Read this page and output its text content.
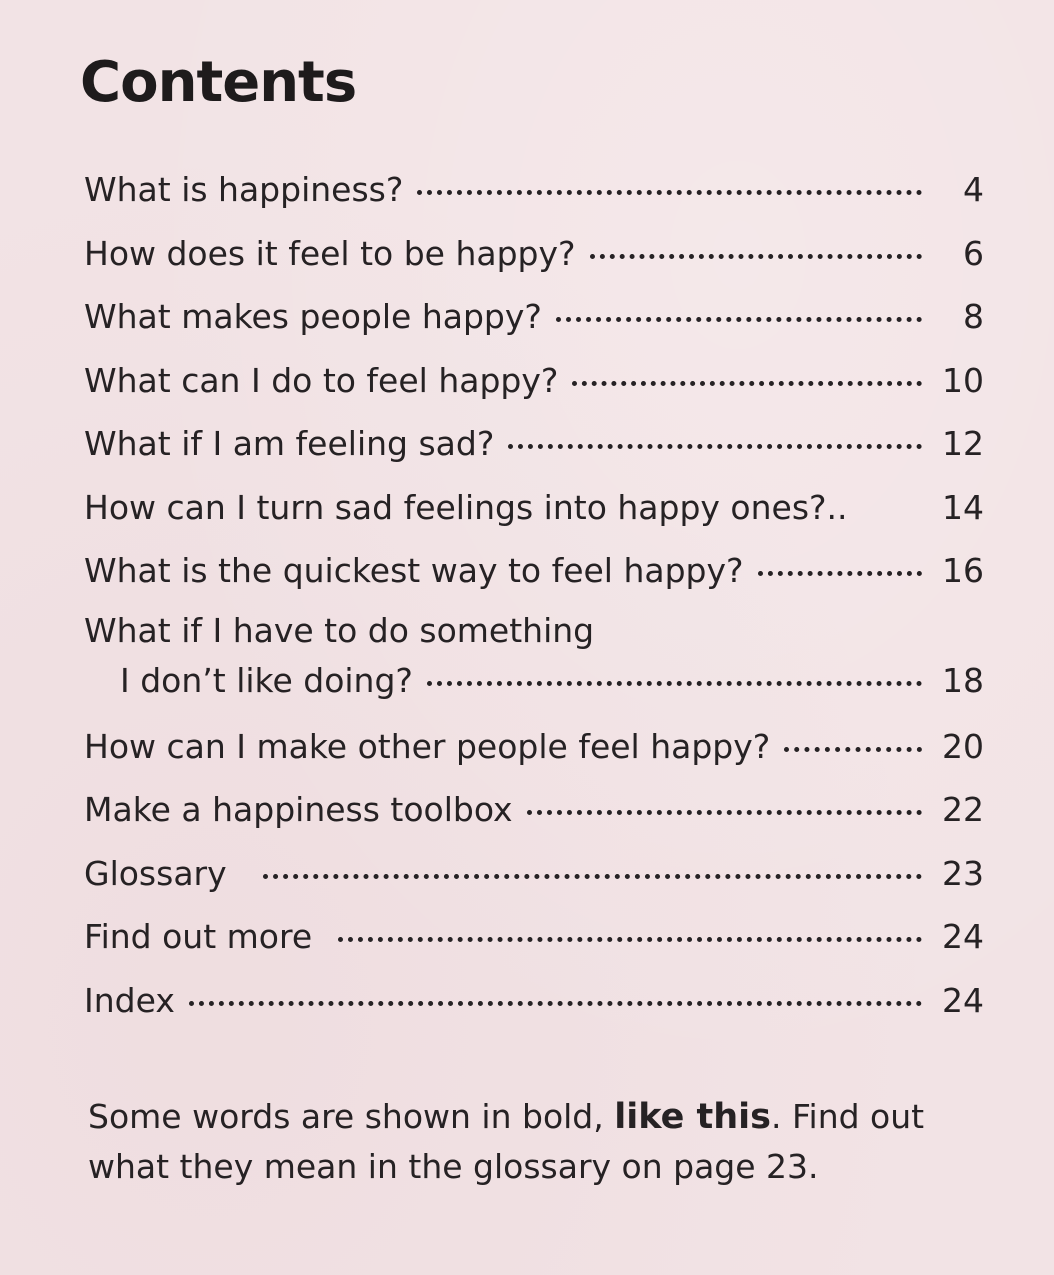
Contents
What is happiness?	4
How does it feel to be happy?	6
What makes people happy?	8
What can I do to feel happy?	10
What if I am feeling sad?	12
How can I turn sad feelings into happy ones?..	14
What is the quickest way to feel happy?	16
What if I have to do something
I don’t like doing?	18
How can I make other people feel happy?	20
Make a happiness toolbox	22
Glossary	23
Find out more	24
Index	24

Some words are shown in bold, like this. Find out what they mean in the glossary on page 23.
